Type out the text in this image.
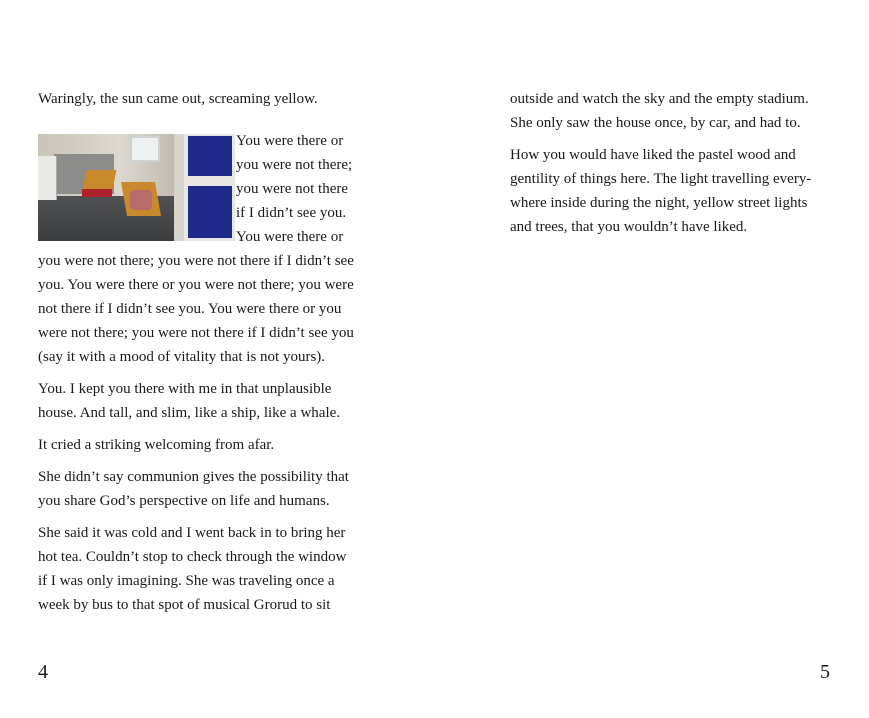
Waringly, the sun came out, screaming yellow.

You were there or you were not there; you were not there if I didn’t see you. You were there or you were not there; you were not there if I didn’t see you. You were there or you were not there; you were not there if I didn’t see you. You were there or you were not there; you were not there if I didn’t see you (say it with a mood of vitality that is not yours).

You. I kept you there with me in that unplausible house. And tall, and slim, like a ship, like a whale.

It cried a striking welcoming from afar.

She didn’t say communion gives the possibility that you share God’s perspective on life and humans.

She said it was cold and I went back in to bring her hot tea. Couldn’t stop to check through the window if I was only imagining. She was traveling once a week by bus to that spot of musical Grorud to sit

4

outside and watch the sky and the empty stadium. She only saw the house once, by car, and had to.

How you would have liked the pastel wood and gentility of things here. The light travelling every-where inside during the night, yellow street lights and trees, that you wouldn’t have liked.

5
